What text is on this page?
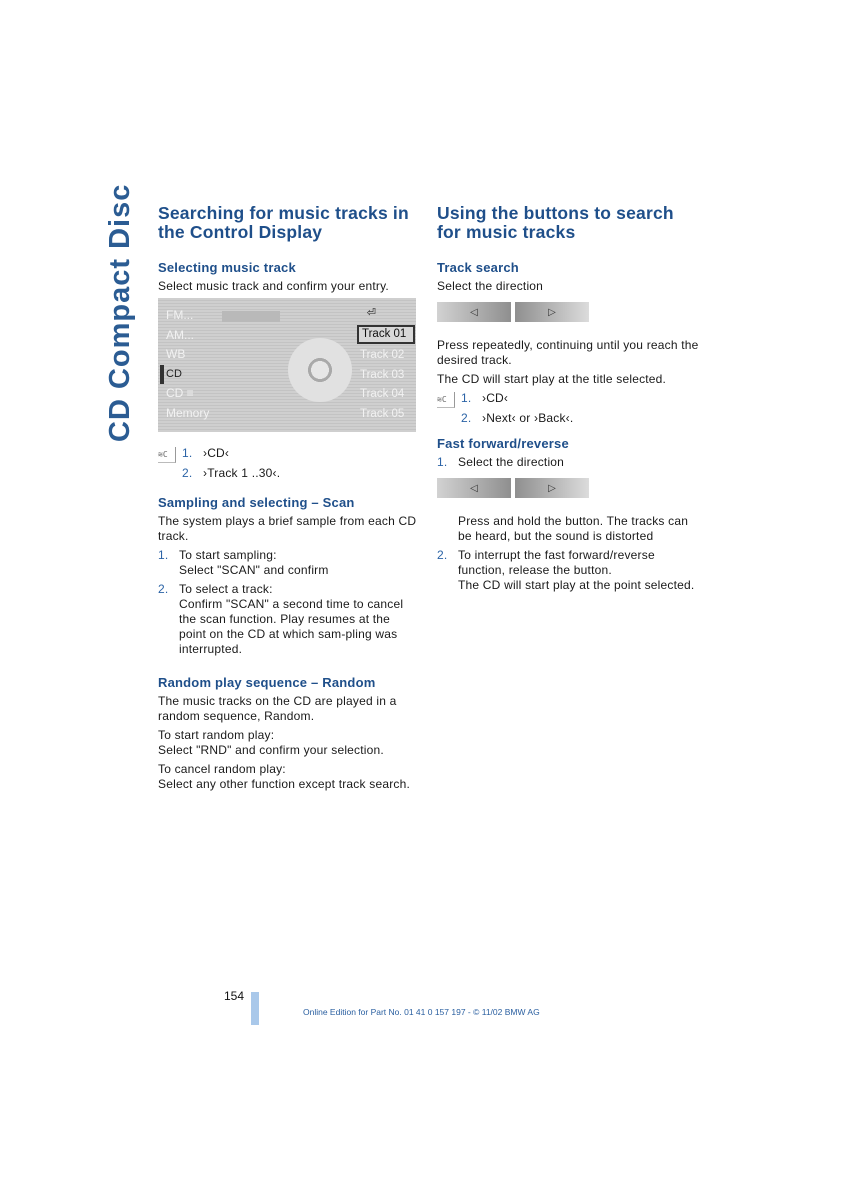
CD Compact Disc Searching for music tracks in the Control Display
Selecting music track

Select music track and confirm your entry.

FM...
AM...
WB
CD
CD ≡
Memory
⏎
Track 01
Track 02
Track 03
Track 04
Track 05
≋C	1. ›CD‹
2. ›Track 1 ..30‹.
Sampling and selecting – Scan

The system plays a brief sample from each CD track.

1. To start sampling:
Select "SCAN" and confirm
2. To select a track:
Confirm "SCAN" a second time to cancel the scan function. Play resumes at the point on the CD at which sam-pling was interrupted.
Random play sequence – Random

The music tracks on the CD are played in a random sequence, Random.

To start random play:
Select "RND" and confirm your selection.

To cancel random play:
Select any other function except track search.

Using the buttons to search for music tracks
Track search

Select the direction

◁	▷

Press repeatedly, continuing until you reach the desired track.

The CD will start play at the title selected.

≋C	1. ›CD‹
2. ›Next‹ or ›Back‹.
Fast forward/reverse
1. Select the direction
◁	▷

Press and hold the button. The tracks can be heard, but the sound is distorted

2. To interrupt the fast forward/reverse function, release the button.
The CD will start play at the point selected.
154
Online Edition for Part No. 01 41 0 157 197 - © 11/02 BMW AG
